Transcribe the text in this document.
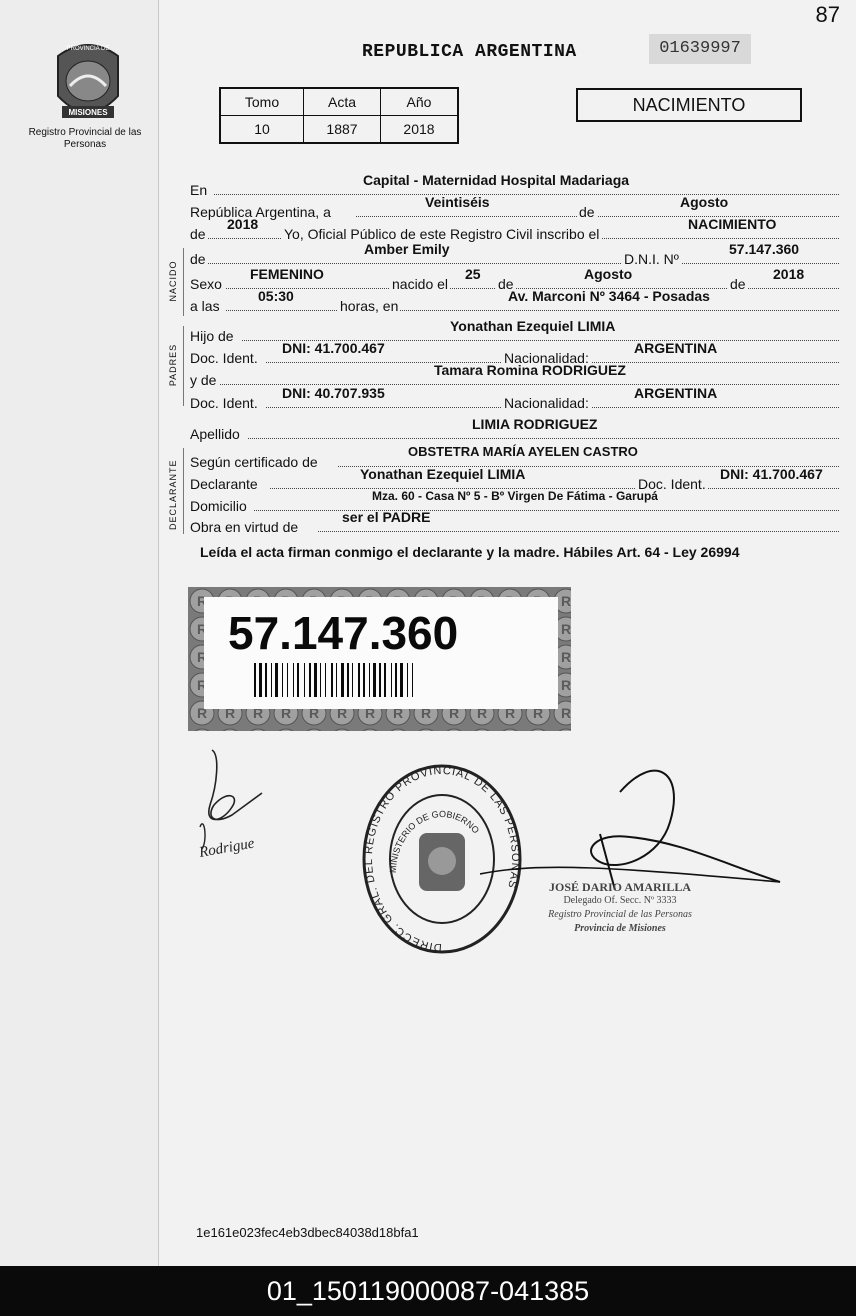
87
PROVINCIA DE
MISIONES
Registro Provincial de las Personas
REPUBLICA ARGENTINA	01639997
Tomo	Acta	Año
10	1887	2018
NACIMIENTO
NACIDO
PADRES
DECLARANTE
En
Capital - Maternidad Hospital Madariaga
República Argentina, a
Veintiséis
de
Agosto
de
2018
Yo, Oficial Público de este Registro Civil inscribo el
NACIMIENTO
de
Amber Emily
D.N.I. Nº
57.147.360
Sexo
FEMENINO
nacido el
25
de
Agosto
de
2018
a las
05:30
horas, en
Av. Marconi Nº 3464 - Posadas
Hijo de
Yonathan Ezequiel LIMIA
Doc. Ident.
DNI: 41.700.467
Nacionalidad:
ARGENTINA
y de
Tamara Romina RODRIGUEZ
Doc. Ident.
DNI: 40.707.935
Nacionalidad:
ARGENTINA
Apellido
LIMIA RODRIGUEZ
Según certificado de
OBSTETRA MARÍA AYELEN CASTRO
Declarante
Yonathan Ezequiel LIMIA
Doc. Ident.
DNI: 41.700.467
Domicilio
Mza. 60 - Casa Nº 5 - Bº Virgen De Fátima - Garupá
Obra en virtud de
ser el PADRE
Leída el acta firman conmigo el declarante y la madre. Hábiles Art. 64 - Ley 26994
57.147.360
Rodrigue
DIRECC. GRAL. DEL REGISTRO PROVINCIAL DE LAS PERSONAS
MINISTERIO DE GOBIERNO
JOSÉ DARIO AMARILLA
Delegado Of. Secc. Nº 3333
Registro Provincial de las Personas
Provincia de Misiones
1e161e023fec4eb3dbec84038d18bfa1
01_150119000087-041385
